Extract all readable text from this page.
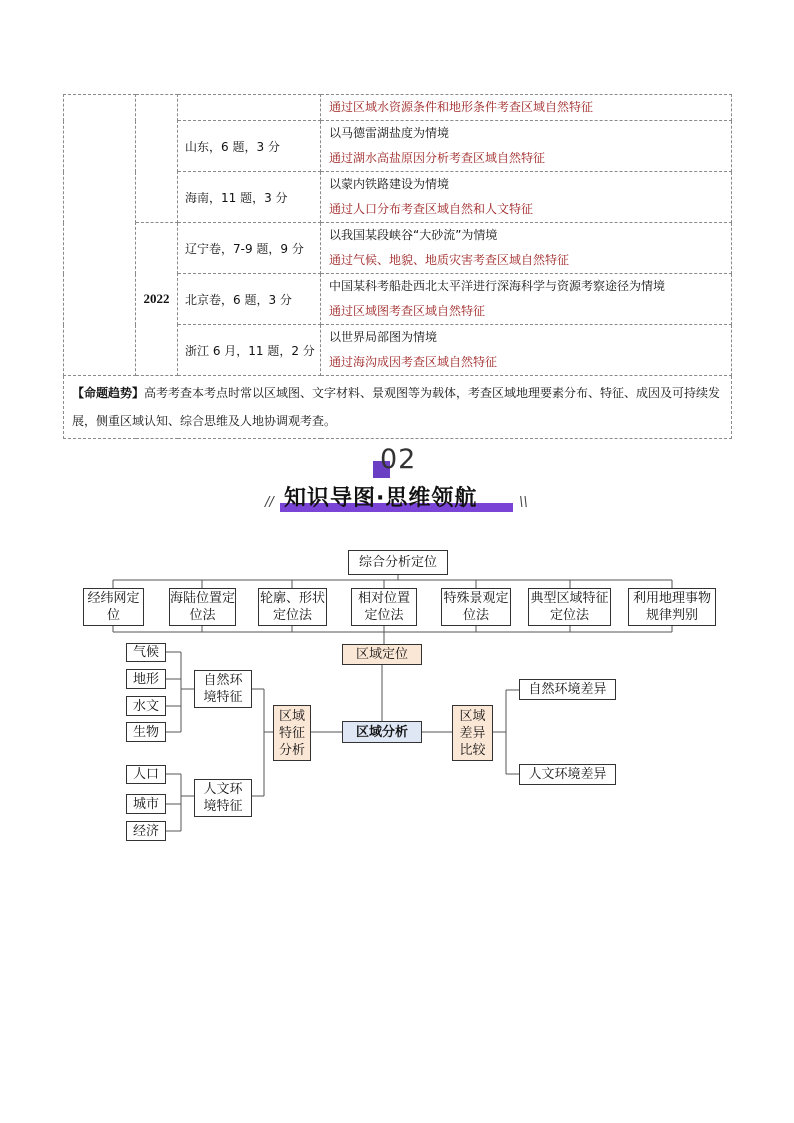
			通过区域水资源条件和地形条件考查区域自然特征

		山东，6 题，3 分	以马德雷湖盐度为情境
通过湖水高盐原因分析考查区域自然特征

		海南，11 题，3 分	以蒙内铁路建设为情境
通过人口分布考查区域自然和人文特征

	2022	辽宁卷，7-9 题，9 分	以我国某段峡谷“大砂流”为情境
通过气候、地貌、地质灾害考查区域自然特征

		北京卷，6 题，3 分	中国某科考船赴西北太平洋进行深海科学与资源考察途径为情境
通过区域图考查区域自然特征

		浙江 6 月，11 题，2 分	以世界局部图为情境
通过海沟成因考查区域自然特征

【命题趋势】高考考查本考点时常以区域图、文字材料、景观图等为载体，考查区域地理要素分布、特征、成因及可持续发展，侧重区域认知、综合思维及人地协调观考查。			
02
知识导图·思维领航
//	\\
综合分析定位
经纬网定位
海陆位置定位法
轮廓、形状定位法
相对位置定位法
特殊景观定位法
典型区域特征定位法
利用地理事物规律判别
区域定位
区域分析
区域特征分析
区域差异比较
自然环境特征
人文环境特征
气候
地形
水文
生物
人口
城市
经济
自然环境差异
人文环境差异
